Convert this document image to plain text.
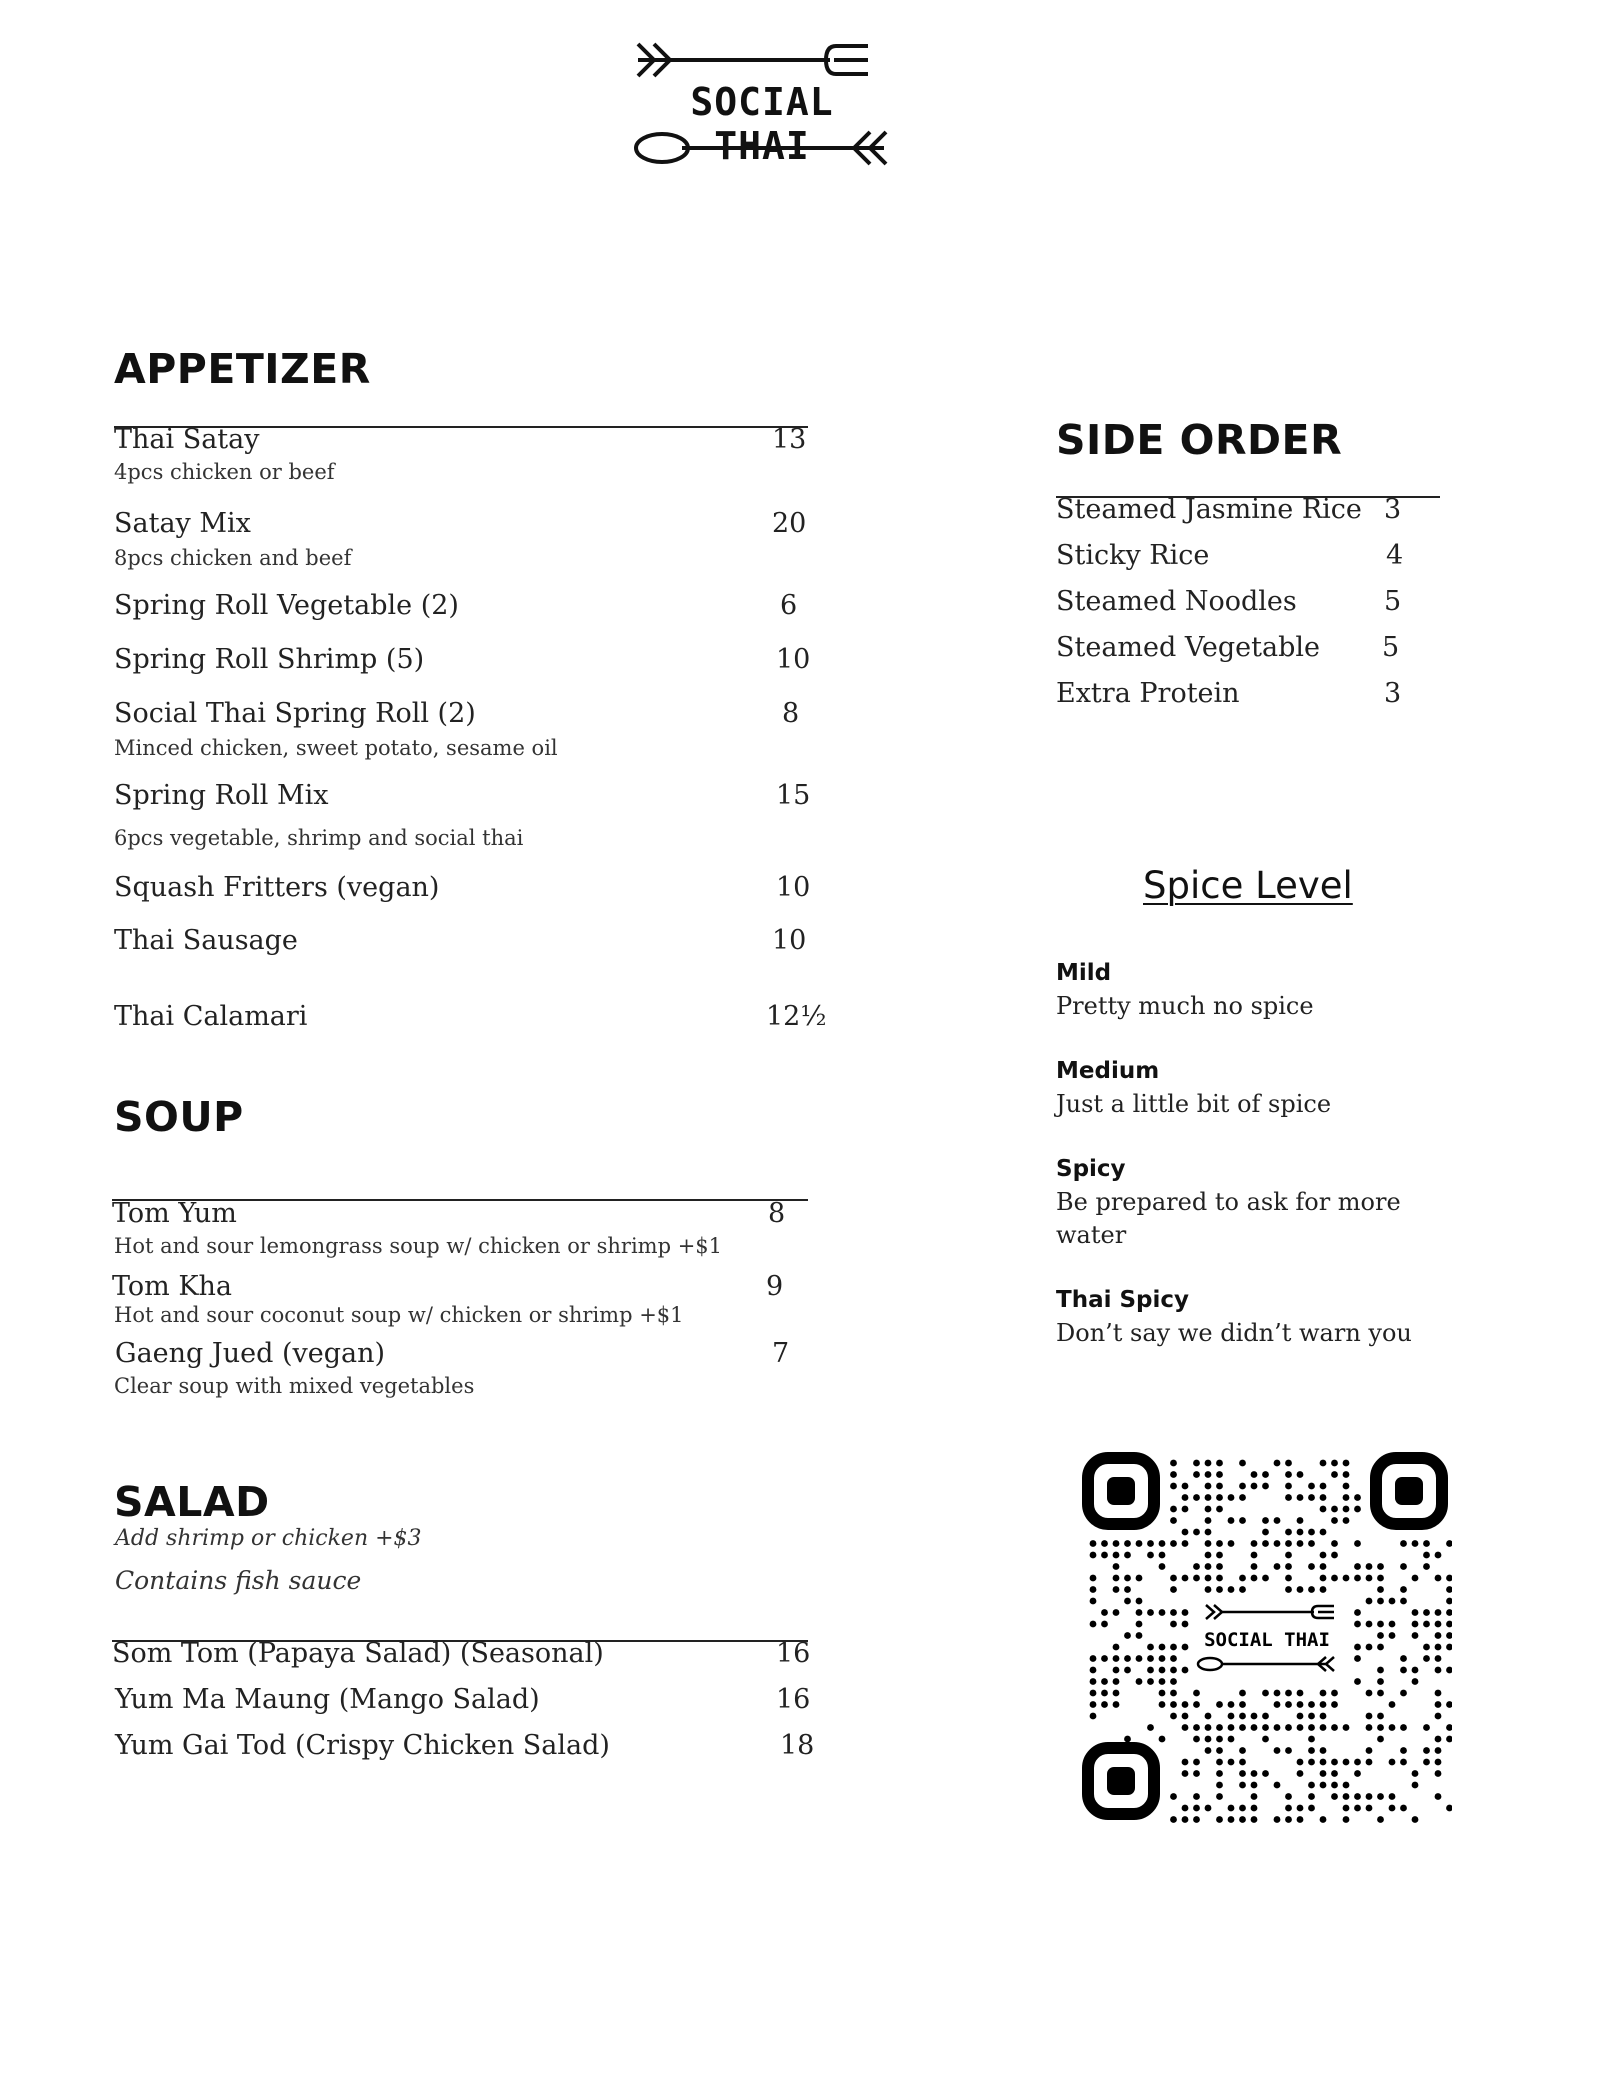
SOCIAL THAI
APPETIZER
Thai Satay	13
4pcs chicken or beef
Satay Mix	20
8pcs chicken and beef
Spring Roll Vegetable (2)	6
Spring Roll Shrimp (5)	10
Social Thai Spring Roll (2)	8
Minced chicken, sweet potato, sesame oil
Spring Roll Mix	15
6pcs vegetable, shrimp and social thai
Squash Fritters (vegan)	10
Thai Sausage	10
Thai Calamari	12½
SOUP
Tom Yum	8
Hot and sour lemongrass soup w/ chicken or shrimp +$1
Tom Kha	9
Hot and sour coconut soup w/ chicken or shrimp +$1
Gaeng Jued (vegan)	7
Clear soup with mixed vegetables
SALAD
Add shrimp or chicken +$3
Contains fish sauce
Som Tom (Papaya Salad) (Seasonal)	16
Yum Ma Maung (Mango Salad)	16
Yum Gai Tod (Crispy Chicken Salad)	18
SIDE ORDER
Steamed Jasmine Rice 3
Sticky Rice	4
Steamed Noodles	5
Steamed Vegetable 5
Extra Protein	3
Spice Level
Mild
Pretty much no spice
Medium
Just a little bit of spice
Spicy
Be prepared to ask for more water
Thai Spicy
Don’t say we didn’t warn you
SOCIAL THAI
